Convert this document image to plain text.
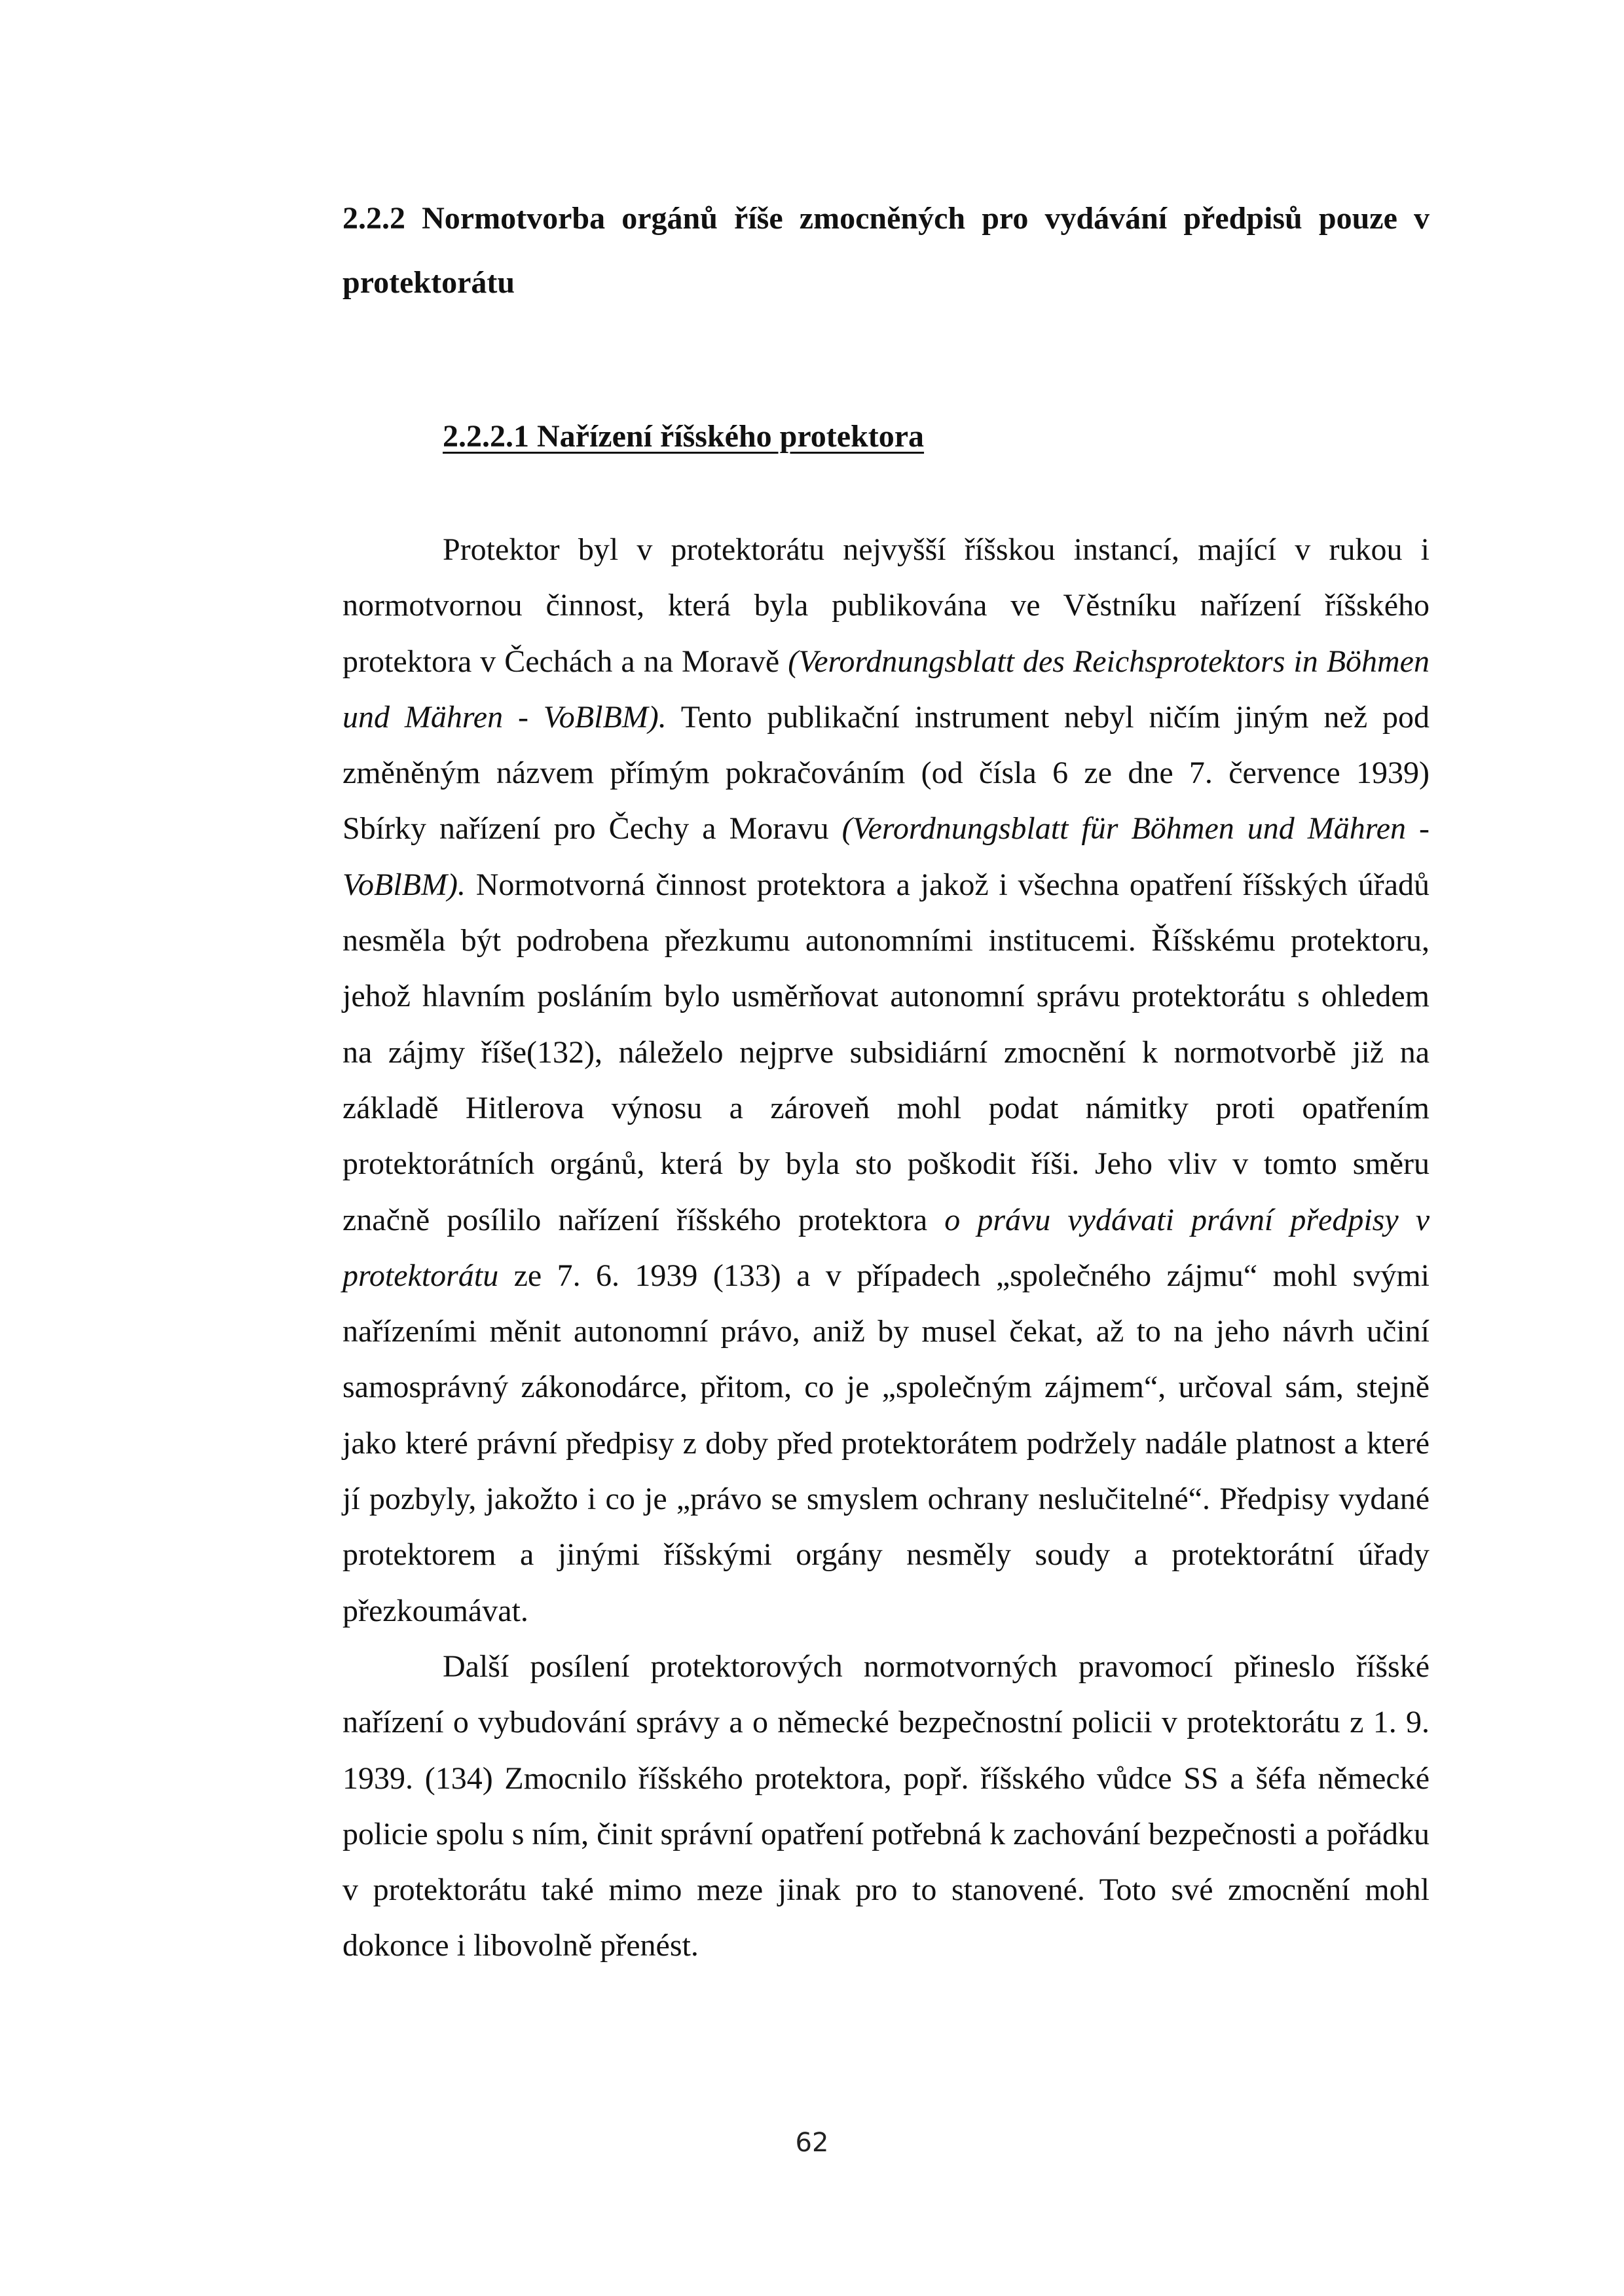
2.2.2 Normotvorba orgánů říše zmocněných pro vydávání předpisů pouze v protektorátu
2.2.2.1 Nařízení říšského protektora

Protektor byl v protektorátu nejvyšší říšskou instancí, mající v rukou i normotvornou činnost, která byla publikována ve Věstníku nařízení říšského protektora v Čechách a na Moravě (Verordnungsblatt des Reichsprotektors in Böhmen und Mähren - VoBlBM). Tento publikační instrument nebyl ničím jiným než pod změněným názvem přímým pokračováním (od čísla 6 ze dne 7. července 1939) Sbírky nařízení pro Čechy a Moravu (Verordnungsblatt für Böhmen und Mähren -VoBlBM). Normotvorná činnost protektora a jakož i všechna opatření říšských úřadů nesměla být podrobena přezkumu autonomními institucemi. Říšskému protektoru, jehož hlavním posláním bylo usměrňovat autonomní správu protektorátu s ohledem na zájmy říše(132), náleželo nejprve subsidiární zmocnění k normotvorbě již na základě Hitlerova výnosu a zároveň mohl podat námitky proti opatřením protektorátních orgánů, která by byla sto poškodit říši. Jeho vliv v tomto směru značně posílilo nařízení říšského protektora o právu vydávati právní předpisy v protektorátu ze 7. 6. 1939 (133) a v případech „společného zájmu“ mohl svými nařízeními měnit autonomní právo, aniž by musel čekat, až to na jeho návrh učiní samosprávný zákonodárce, přitom, co je „společným zájmem“, určoval sám, stejně jako které právní předpisy z doby před protektorátem podržely nadále platnost a které jí pozbyly, jakožto i co je „právo se smyslem ochrany neslučitelné“. Předpisy vydané protektorem a jinými říšskými orgány nesměly soudy a protektorátní úřady přezkoumávat.

Další posílení protektorových normotvorných pravomocí přineslo říšské nařízení o vybudování správy a o německé bezpečnostní policii v protektorátu z 1. 9. 1939. (134) Zmocnilo říšského protektora, popř. říšského vůdce SS a šéfa německé policie spolu s ním, činit správní opatření potřebná k zachování bezpečnosti a pořádku v protektorátu také mimo meze jinak pro to stanovené. Toto své zmocnění mohl dokonce i libovolně přenést.

62
